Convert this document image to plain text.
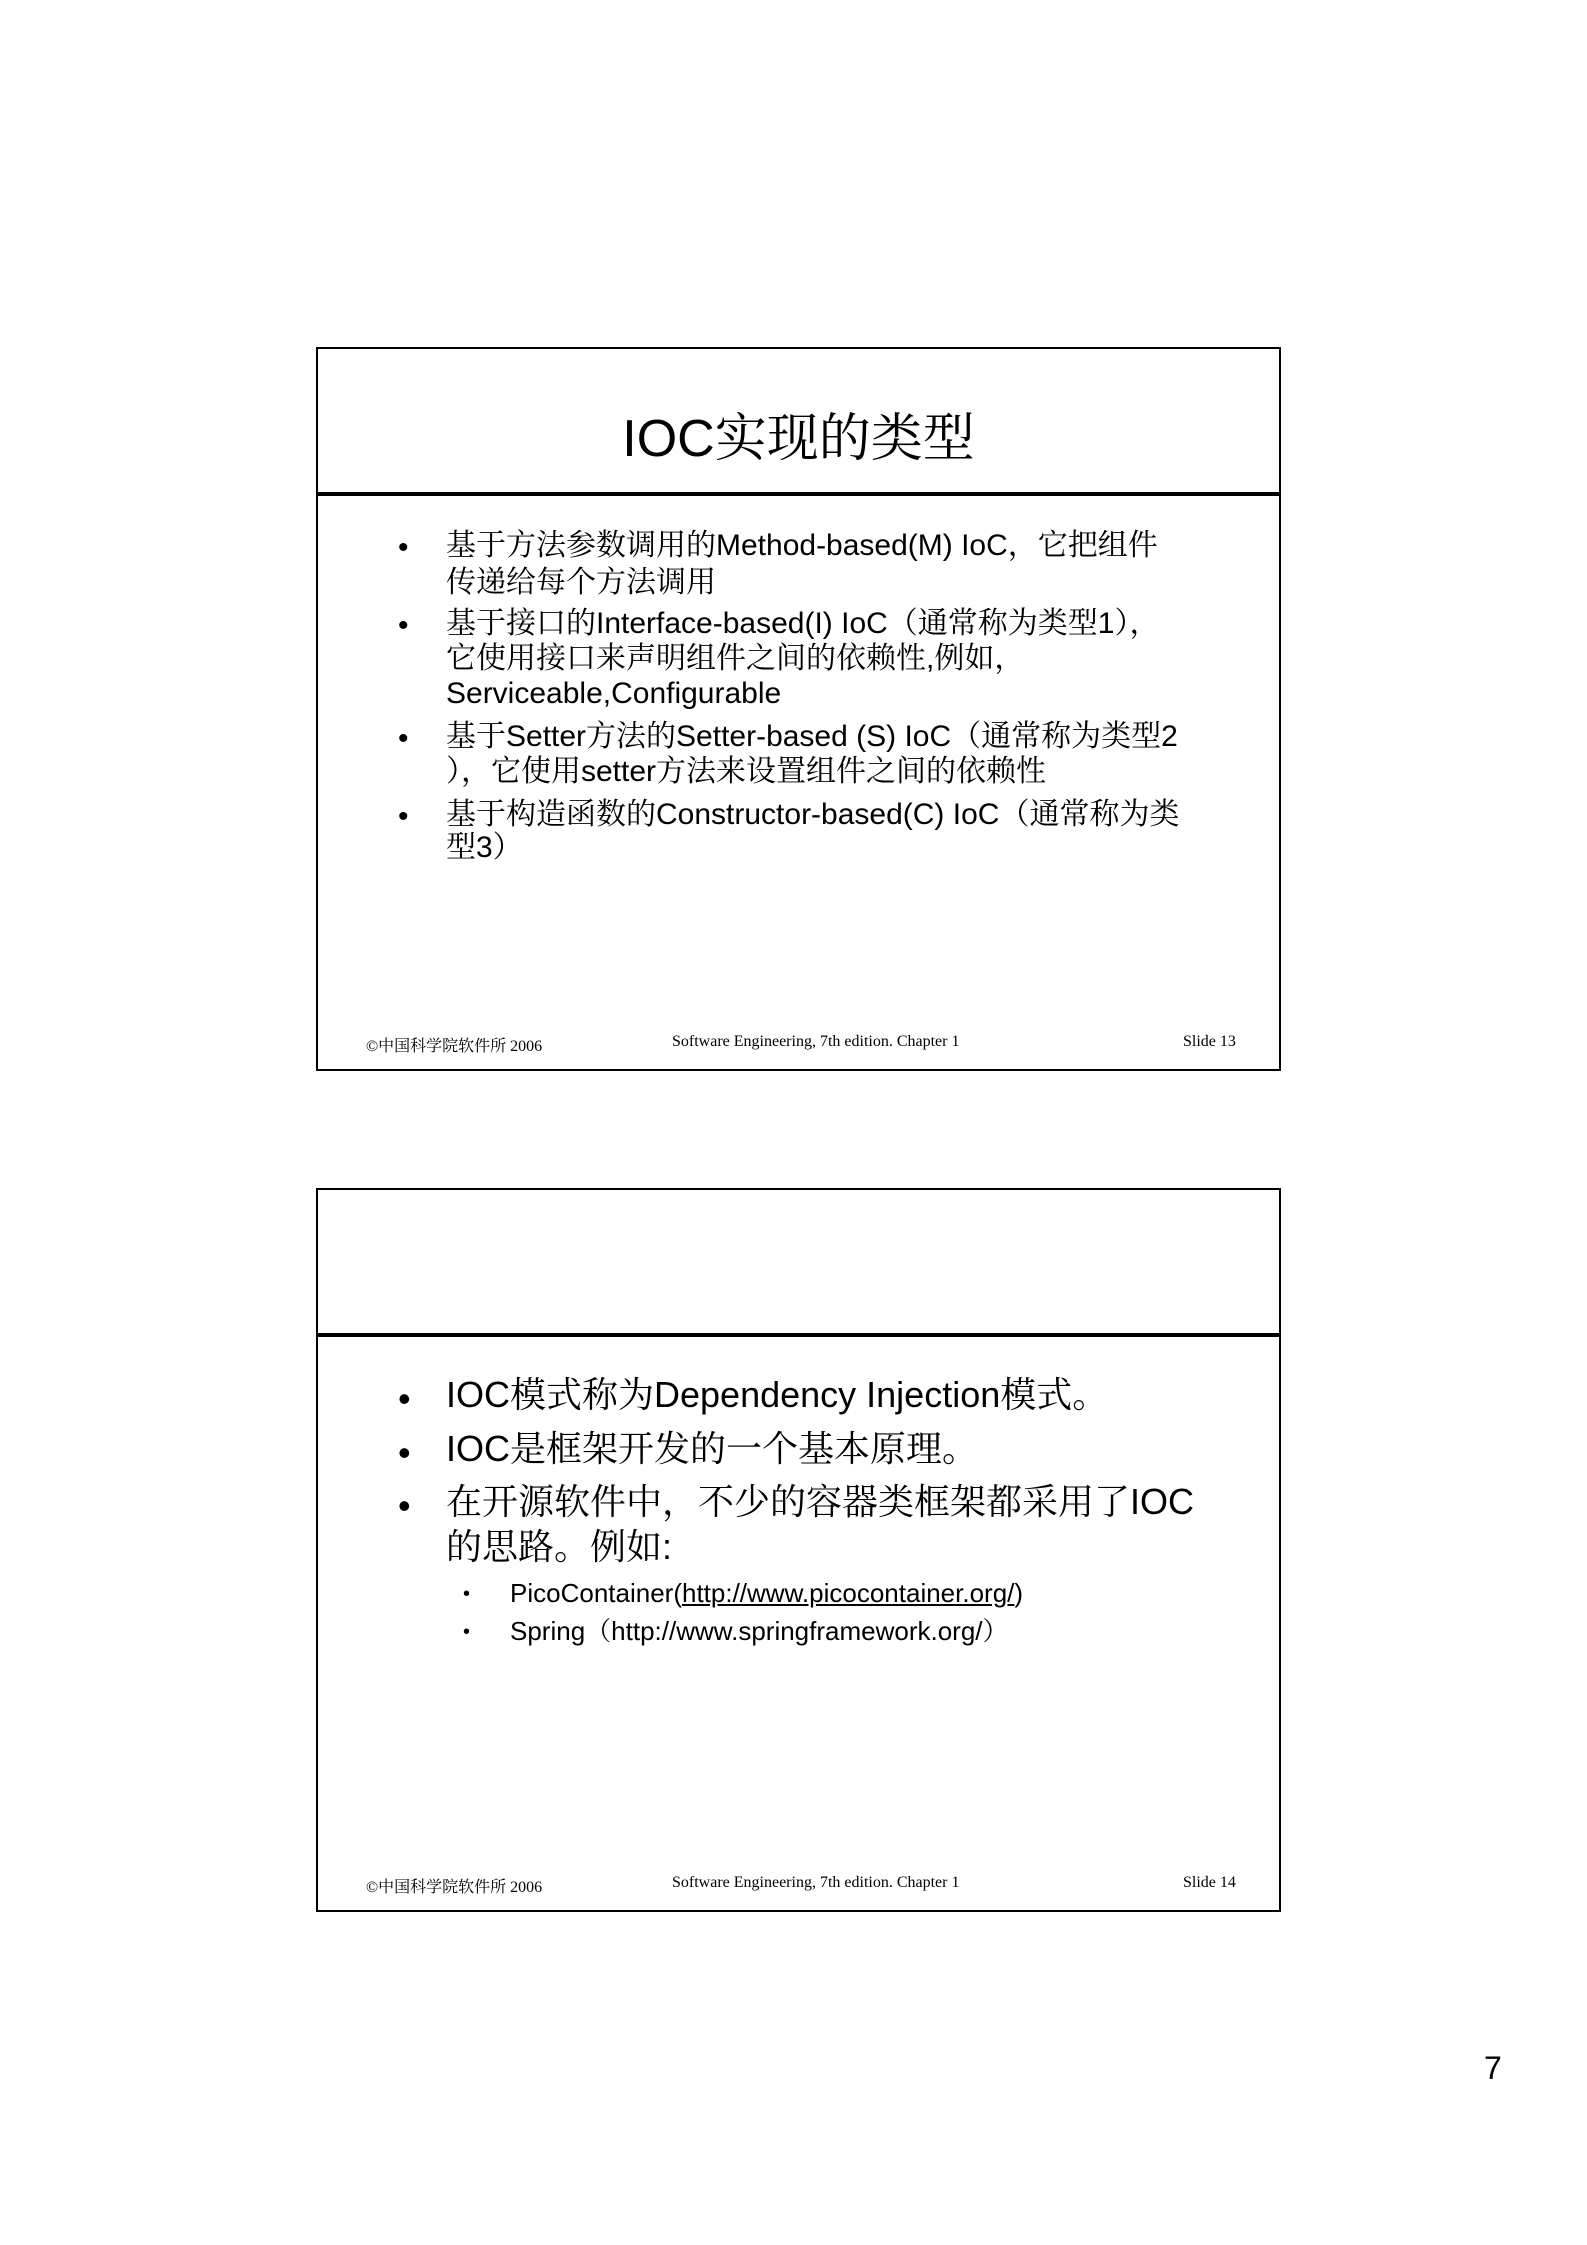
IOC实现的类型
• 基于方法参数调用的Method-based(M) IoC，它把组件
传递给每个方法调用
• 基于接口的Interface-based(I) IoC（通常称为类型1），
它使用接口来声明组件之间的依赖性,例如，
Serviceable,Configurable
• 基于Setter方法的Setter-based (S) IoC（通常称为类型2
），它使用setter方法来设置组件之间的依赖性
• 基于构造函数的Constructor-based(C) IoC（通常称为类
型3）
©中国科学院软件所 2006	Software Engineering, 7th edition. Chapter 1	Slide 13
• IOC模式称为Dependency Injection模式。
• IOC是框架开发的一个基本原理。
• 在开源软件中，不少的容器类框架都采用了IOC
的思路。例如:
• PicoContainer(http://www.picocontainer.org/)
• Spring（http://www.springframework.org/）
©中国科学院软件所 2006	Software Engineering, 7th edition. Chapter 1	Slide 14
7
